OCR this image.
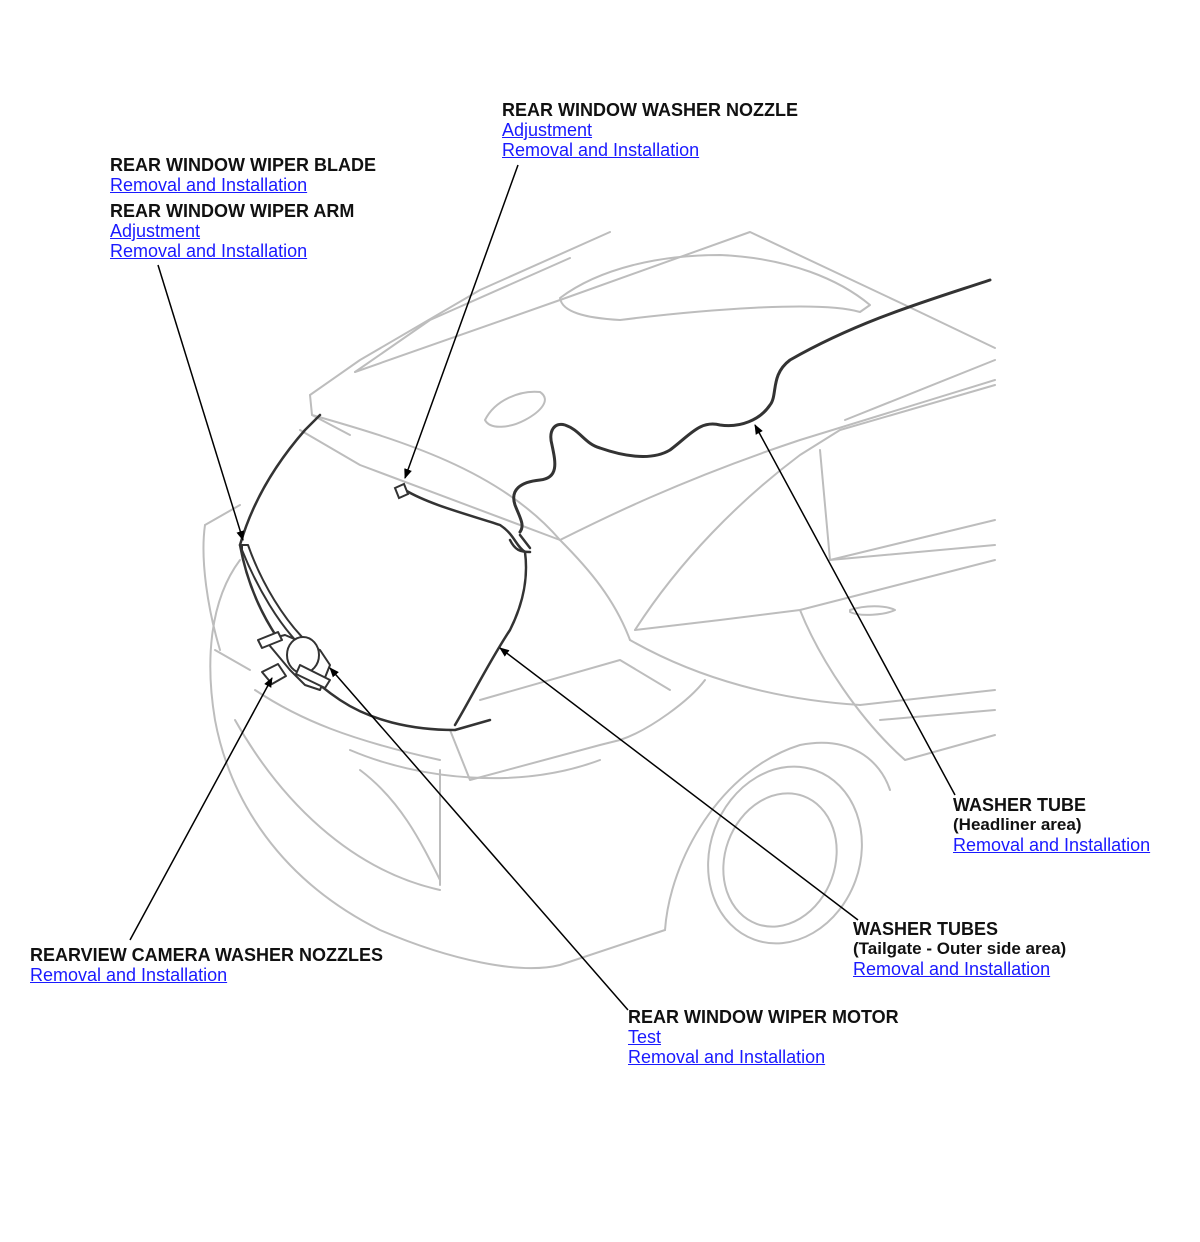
REAR WINDOW WASHER NOZZLE
Adjustment
Removal and Installation
REAR WINDOW WIPER BLADE
Removal and Installation
REAR WINDOW WIPER ARM
Adjustment
Removal and Installation
WASHER TUBE
(Headliner area)
Removal and Installation
WASHER TUBES
(Tailgate - Outer side area)
Removal and Installation
REARVIEW CAMERA WASHER NOZZLES
Removal and Installation
REAR WINDOW WIPER MOTOR
Test
Removal and Installation
